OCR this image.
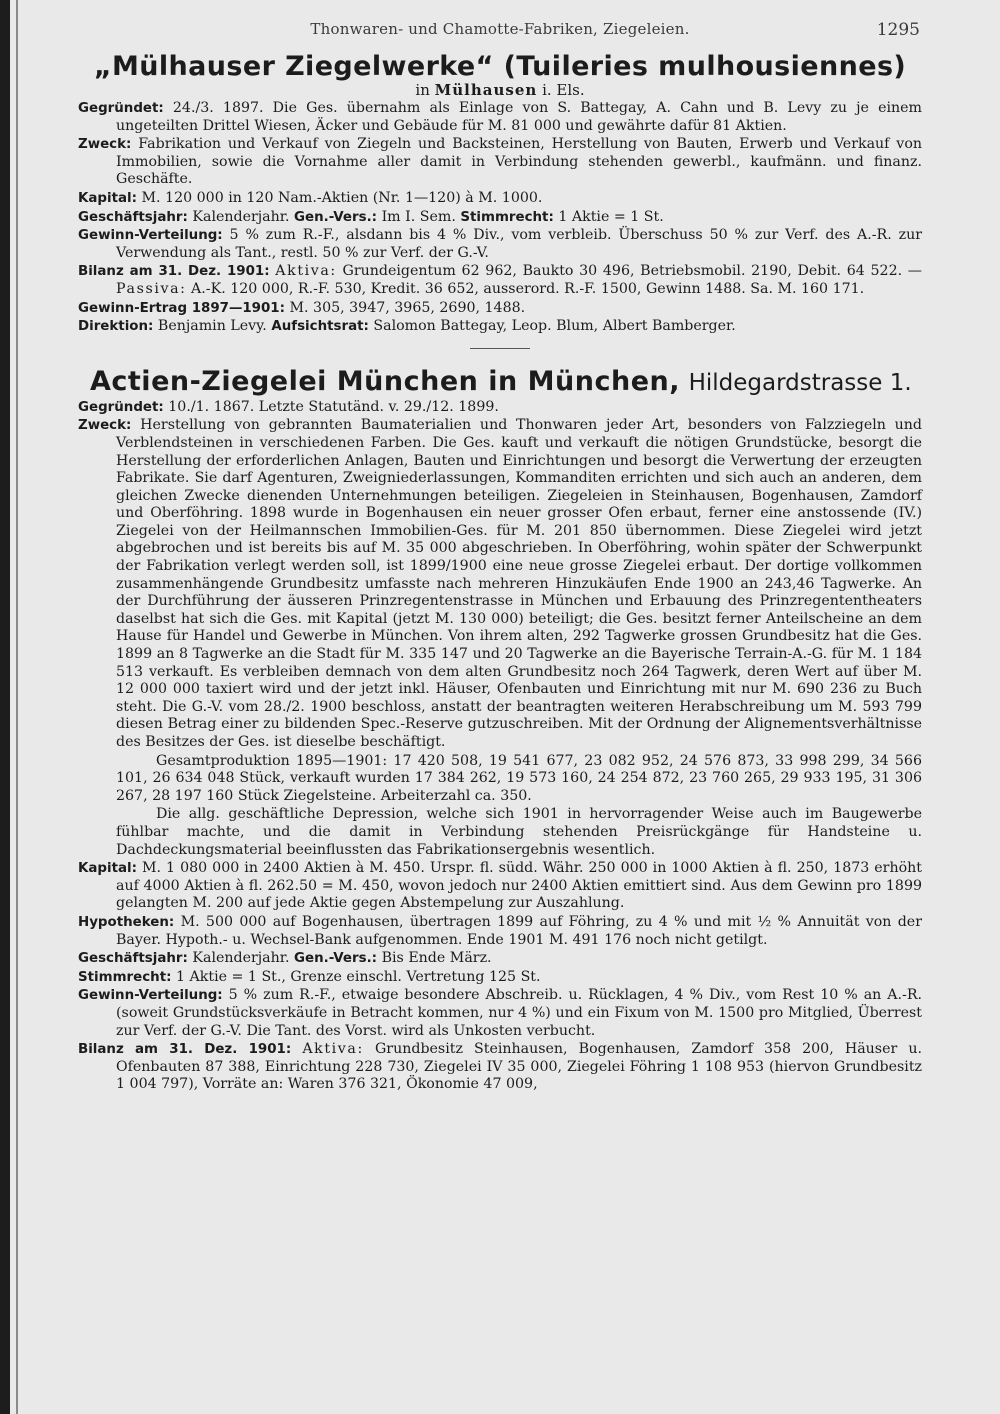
Thonwaren- und Chamotte-Fabriken, Ziegeleien.	1295
„Mülhauser Ziegelwerke“ (Tuileries mulhousiennes)
in Mülhausen i. Els.
Gegründet: 24./3. 1897. Die Ges. übernahm als Einlage von S. Battegay, A. Cahn und B. Levy zu je einem ungeteilten Drittel Wiesen, Äcker und Gebäude für M. 81 000 und gewährte dafür 81 Aktien.
Zweck: Fabrikation und Verkauf von Ziegeln und Backsteinen, Herstellung von Bauten, Erwerb und Verkauf von Immobilien, sowie die Vornahme aller damit in Verbindung stehenden gewerbl., kaufmänn. und finanz. Geschäfte.
Kapital: M. 120 000 in 120 Nam.-Aktien (Nr. 1—120) à M. 1000.
Geschäftsjahr: Kalenderjahr. Gen.-Vers.: Im I. Sem. Stimmrecht: 1 Aktie = 1 St.
Gewinn-Verteilung: 5 % zum R.-F., alsdann bis 4 % Div., vom verbleib. Überschuss 50 % zur Verf. des A.-R. zur Verwendung als Tant., restl. 50 % zur Verf. der G.-V.
Bilanz am 31. Dez. 1901: Aktiva: Grundeigentum 62 962, Baukto 30 496, Betriebsmobil. 2190, Debit. 64 522. — Passiva: A.-K. 120 000, R.-F. 530, Kredit. 36 652, ausserord. R.-F. 1500, Gewinn 1488. Sa. M. 160 171.
Gewinn-Ertrag 1897—1901: M. 305, 3947, 3965, 2690, 1488.
Direktion: Benjamin Levy. Aufsichtsrat: Salomon Battegay, Leop. Blum, Albert Bamberger.
Actien-Ziegelei München in München, Hildegardstrasse 1.
Gegründet: 10./1. 1867. Letzte Statutänd. v. 29./12. 1899.
Zweck: Herstellung von gebrannten Baumaterialien und Thonwaren jeder Art, besonders von Falzziegeln und Verblendsteinen in verschiedenen Farben. Die Ges. kauft und verkauft die nötigen Grundstücke, besorgt die Herstellung der erforderlichen Anlagen, Bauten und Einrichtungen und besorgt die Verwertung der erzeugten Fabrikate. Sie darf Agenturen, Zweigniederlassungen, Kommanditen errichten und sich auch an anderen, dem gleichen Zwecke dienenden Unternehmungen beteiligen. Ziegeleien in Steinhausen, Bogenhausen, Zamdorf und Oberföhring. 1898 wurde in Bogenhausen ein neuer grosser Ofen erbaut, ferner eine anstossende (IV.) Ziegelei von der Heilmannschen Immobilien-Ges. für M. 201 850 übernommen. Diese Ziegelei wird jetzt abgebrochen und ist bereits bis auf M. 35 000 abgeschrieben. In Oberföhring, wohin später der Schwerpunkt der Fabrikation verlegt werden soll, ist 1899/1900 eine neue grosse Ziegelei erbaut. Der dortige vollkommen zusammenhängende Grundbesitz umfasste nach mehreren Hinzukäufen Ende 1900 an 243,46 Tagwerke. An der Durchführung der äusseren Prinzregentenstrasse in München und Erbauung des Prinzregententheaters daselbst hat sich die Ges. mit Kapital (jetzt M. 130 000) beteiligt; die Ges. besitzt ferner Anteilscheine an dem Hause für Handel und Gewerbe in München. Von ihrem alten, 292 Tagwerke grossen Grundbesitz hat die Ges. 1899 an 8 Tagwerke an die Stadt für M. 335 147 und 20 Tagwerke an die Bayerische Terrain-A.-G. für M. 1 184 513 verkauft. Es verbleiben demnach von dem alten Grundbesitz noch 264 Tagwerk, deren Wert auf über M. 12 000 000 taxiert wird und der jetzt inkl. Häuser, Ofenbauten und Einrichtung mit nur M. 690 236 zu Buch steht. Die G.-V. vom 28./2. 1900 beschloss, anstatt der beantragten weiteren Herabschreibung um M. 593 799 diesen Betrag einer zu bildenden Spec.-Reserve gutzuschreiben. Mit der Ordnung der Alignementsverhältnisse des Besitzes der Ges. ist dieselbe beschäftigt.
Gesamtproduktion 1895—1901: 17 420 508, 19 541 677, 23 082 952, 24 576 873, 33 998 299, 34 566 101, 26 634 048 Stück, verkauft wurden 17 384 262, 19 573 160, 24 254 872, 23 760 265, 29 933 195, 31 306 267, 28 197 160 Stück Ziegelsteine. Arbeiterzahl ca. 350.
Die allg. geschäftliche Depression, welche sich 1901 in hervorragender Weise auch im Baugewerbe fühlbar machte, und die damit in Verbindung stehenden Preisrückgänge für Handsteine u. Dachdeckungsmaterial beeinflussten das Fabrikationsergebnis wesentlich.
Kapital: M. 1 080 000 in 2400 Aktien à M. 450. Urspr. fl. südd. Währ. 250 000 in 1000 Aktien à fl. 250, 1873 erhöht auf 4000 Aktien à fl. 262.50 = M. 450, wovon jedoch nur 2400 Aktien emittiert sind. Aus dem Gewinn pro 1899 gelangten M. 200 auf jede Aktie gegen Abstempelung zur Auszahlung.
Hypotheken: M. 500 000 auf Bogenhausen, übertragen 1899 auf Föhring, zu 4 % und mit ½ % Annuität von der Bayer. Hypoth.- u. Wechsel-Bank aufgenommen. Ende 1901 M. 491 176 noch nicht getilgt.
Geschäftsjahr: Kalenderjahr. Gen.-Vers.: Bis Ende März.
Stimmrecht: 1 Aktie = 1 St., Grenze einschl. Vertretung 125 St.
Gewinn-Verteilung: 5 % zum R.-F., etwaige besondere Abschreib. u. Rücklagen, 4 % Div., vom Rest 10 % an A.-R. (soweit Grundstücksverkäufe in Betracht kommen, nur 4 %) und ein Fixum von M. 1500 pro Mitglied, Überrest zur Verf. der G.-V. Die Tant. des Vorst. wird als Unkosten verbucht.
Bilanz am 31. Dez. 1901: Aktiva: Grundbesitz Steinhausen, Bogenhausen, Zamdorf 358 200, Häuser u. Ofenbauten 87 388, Einrichtung 228 730, Ziegelei IV 35 000, Ziegelei Föhring 1 108 953 (hiervon Grundbesitz 1 004 797), Vorräte an: Waren 376 321, Ökonomie 47 009,
